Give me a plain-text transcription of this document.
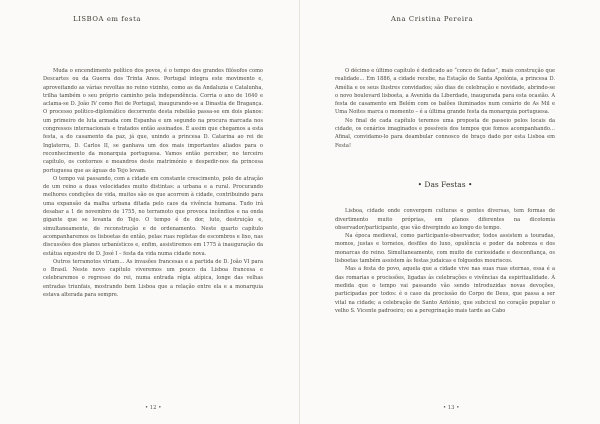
LISBOA em festa

Muda o encendimento político dos povos, é o tempo dos grandes filósofos como Descartes ou da Guerra dos Trinta Anos. Portugal integra este movimento e, aproveitando as várias revoltas no reino vizinho, como as da Andaluzia e Catalunha, trilha também o seu próprio caminho pela independência. Corria o ano de 1640 e aclama-se D. João IV como Rei de Portugal, inaugurando-se a Dinastia de Bragança. O processo político-diplomático decorrente desta rebelião passa-se em dois planos: um primeiro de luta armada com Espanha e um segundo na procura marcada nos congressos internacionais e tratados então assinados. É assim que chegamos a esta festa, a do casamento da paz, já que, unindo a princesa D. Catarina ao rei de Inglaterra, D. Carlos II, se ganhava um dos mais importantes aliados para o reconhecimento da monarquia portuguesa. Vamos então perceber, no terceiro capítulo, os contornos e meandros deste matrimónio e despedir-nos da princesa portuguesa que as águas do Tejo levam.

O tempo vai passando, com a cidade em constante crescimento, polo de atração de um reino a duas velocidades muito distintas: a urbana e a rural. Procurando melhores condições de vida, muitos são os que acorrem à cidade, contribuindo para uma expansão da malha urbana ditada pelo caos da vivência humana. Tudo irá desabar a 1 de novembro de 1755, no terramoto que provoca incêndios e na onda gigante que se levanta do Tejo. O tempo é de dor, luto, destruição e, simultaneamente, de reconstrução e de ordenamento. Neste quarto capítulo acompanharemos os lisboetas de então, pelas ruas repletas de escombros e lixo, nas discussões dos planos urbanísticos e, enfim, assistiremos em 1775 à inauguração da estátua equestre de D. José I – festa da vida numa cidade nova.

Outros terramotos viriam… As invasões francesas e a partida de D. João VI para o Brasil. Neste novo capítulo viveremos um pouco da Lisboa francesa e celebraremos o regresso do rei, numa entrada régia atípica, longe das velhas entradas triunfais, mostrando bem Lisboa que a relação entre ela e a monarquia estava alterada para sempre.

• 12 •
Ana Cristina Pereira

O décimo e último capítulo é dedicado ao “conco de fadas”, mais construção que realidade… Em 1886, a cidade recebe, na Estação de Santa Apolónia, a princesa D. Amélia e os seus ilustres convidados; são dias de celebração e novidade, abrindo-se o novo boulevard lisboeta, a Avenida da Liberdade, inaugurada para esta ocasião. A festa de casamento em Belém com os balões iluminados num cenário de As Mil e Uma Noites marca o momento – é a última grande festa da monarquia portuguesa.

No final de cada capítulo teremos uma proposta de passeio pelos locais da cidade, os cenários imaginados e possíveis dos tempos que fomos acompanhando… Afinal, convidamo-lo para deambular connosco de braço dado por esta Lisboa em Festa!

• Das Festas •

Lisboa, cidade onde convergem culturas e gentes diversas, tem formas de divertimento muito próprias, em planos diferentes na dicotomia observador/participante, que vão divergindo ao longo do tempo.

Na época medieval, como participante-observador, todos assistem a touradas, momos, justas e torneios, desfiles do luxo, opulência e poder da nobreza e dos monarcas do reino. Simultaneamente, com muito de curiosidade e desconfiança, os lisboetas também assistem às festas judaicas e folguedos mouriscos.

Mas a festa do povo, aquela que a cidade vive nas suas ruas eternas, essa é a das romarias e procissões, ligadas às celebrações e vivências da espiritualidade. À medida que o tempo vai passando vão sendo introduzidas novas devoções, participadas por todos: é o caso da procissão do Corpo de Deus, que passa a ser vital na cidade; a celebração de Santo António, que subcicul no coração popular o velho S. Vicente padroeiro; ou a peregrinação mais tarde ao Cabo

• 13 •
